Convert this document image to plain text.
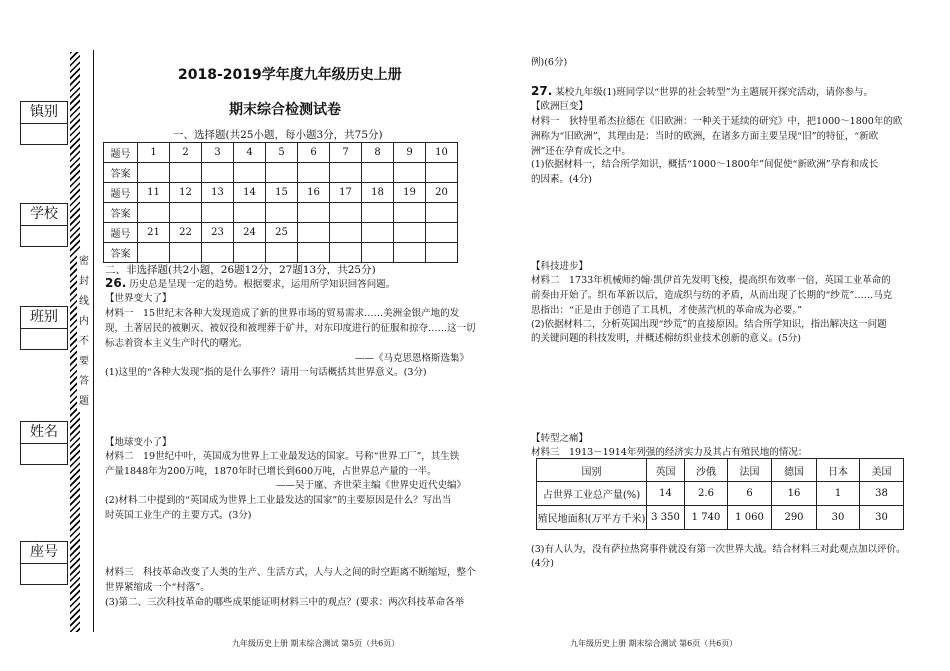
镇别
学校
班别
姓名
座号
密
封
线
内
不
要
答
题
2018-2019学年度九年级历史上册
期末综合检测试卷
一、选择题(共25小题，每小题3分，共75分)
题号	1	2	3	4	5	6	7	8	9	10
答案										
题号	11	12	13	14	15	16	17	18	19	20
答案										
题号	21	22	23	24	25					
答案										
二、非选择题(共2小题，26题12分，27题13分，共25分)
26. 历史总是呈现一定的趋势。根据要求，运用所学知识回答问题。
【世界变大了】
材料一　15世纪末各种大发现造成了新的世界市场的贸易需求……美洲金银产地的发
现，土著居民的被剿灭、被奴役和被埋葬于矿井，对东印度进行的征服和掠夺……这一切
标志着资本主义生产时代的曙光。
——《马克思恩格斯选集》
(1)这里的“各种大发现”指的是什么事件？请用一句话概括其世界意义。(3分)
【地球变小了】
材料二　19世纪中叶，英国成为世界上工业最发达的国家。号称“世界工厂”，其生铁
产量1848年为200万吨，1870年时已增长到600万吨，占世界总产量的一半。
——吴于廑、齐世荣主编《世界史近代史编》
(2)材料二中提到的“英国成为世界上工业最发达的国家”的主要原因是什么？写出当
时英国工业生产的主要方式。(3分)
材料三　科技革命改变了人类的生产、生活方式，人与人之间的时空距离不断缩短，整个
世界紧缩成一个“村落”。
(3)第二、三次科技革命的哪些成果能证明材料三中的观点？(要求：两次科技革命各举
九年级历史上册 期末综合测试 第5页（共6页）
例)(6分)
27. 某校九年级(1)班同学以“世界的社会转型”为主题展开探究活动，请你参与。
【欧洲巨变】
材料一　狄特里希杰拉德在《旧欧洲：一种关于延续的研究》中，把1000～1800年的欧
洲称为“旧欧洲”，其理由是：当时的欧洲，在诸多方面主要呈现“旧”的特征，“新欧
洲”还在孕育成长之中。
(1)依据材料一，结合所学知识，概括“1000～1800年”间促使“新欧洲”孕育和成长
的因素。(4分)
【科技进步】
材料二　1733年机械师约翰·凯伊首先发明飞梭，提高织布效率一倍，英国工业革命的
前奏由开始了。织布革新以后，造成织与纺的矛盾，从而出现了长期的“纱荒”……马克
思指出：“正是由于创造了工具机，才使蒸汽机的革命成为必要。”
(2)依据材料二，分析英国出现“纱荒”的直接原因。结合所学知识，指出解决这一问题
的关键问题的科技发明，并概述棉纺织业技术创新的意义。(5分)
【转型之痛】
材料三　1913－1914年列强的经济实力及其占有殖民地的情况：
国别	英国	沙俄	法国	德国	日本	美国
占世界工业总产量(%)	14	2.6	6	16	1	38
殖民地面积(万平方千米)	3 350	1 740	1 060	290	30	30
(3)有人认为，没有萨拉热窝事件就没有第一次世界大战。结合材料三对此观点加以评价。
(4分)
九年级历史上册 期末综合测试 第6页（共6页）
